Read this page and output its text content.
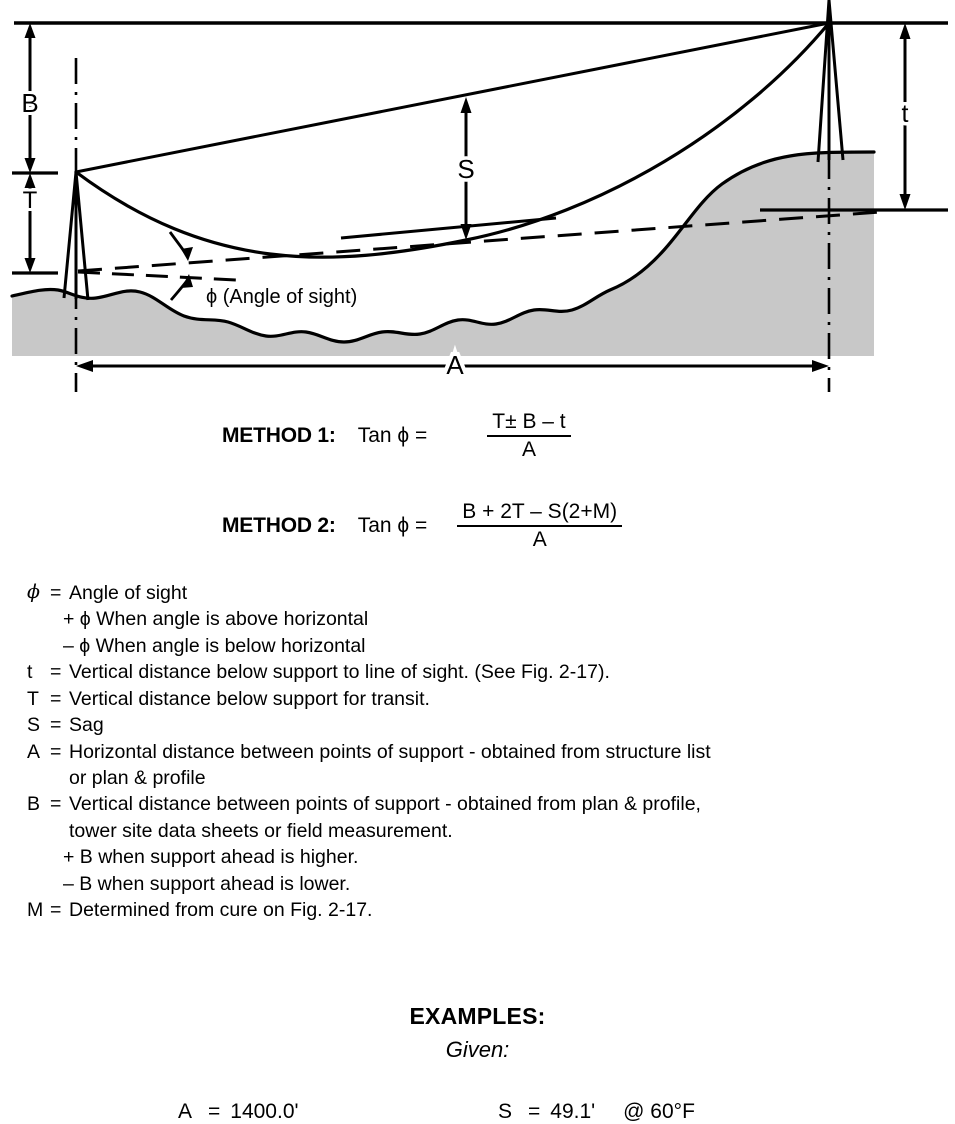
B
T
t
S
ϕ (Angle of sight)
A
METHOD 1: Tan ϕ =	$\frac{T\pm B - t}{A}$
METHOD 2: Tan $\phi = \frac{B + 2T - S(2+M)}{A}$
ϕ = Angle of sight
+ ϕ When angle is above horizontal
– ϕ When angle is below horizontal
t = Vertical distance below support to line of sight. (See Fig. 2-17).
T = Vertical distance below support for transit.
S = Sag
A = Horizontal distance between points of support - obtained from structure list
or plan & profile
B = Vertical distance between points of support - obtained from plan & profile,
tower site data sheets or field measurement.
+ B when support ahead is higher.
– B when support ahead is lower.
M = Determined from cure on Fig. 2-17.
EXAMPLES:
Given:
A = 1400.0'	S = 49.1'	@ 60°F
